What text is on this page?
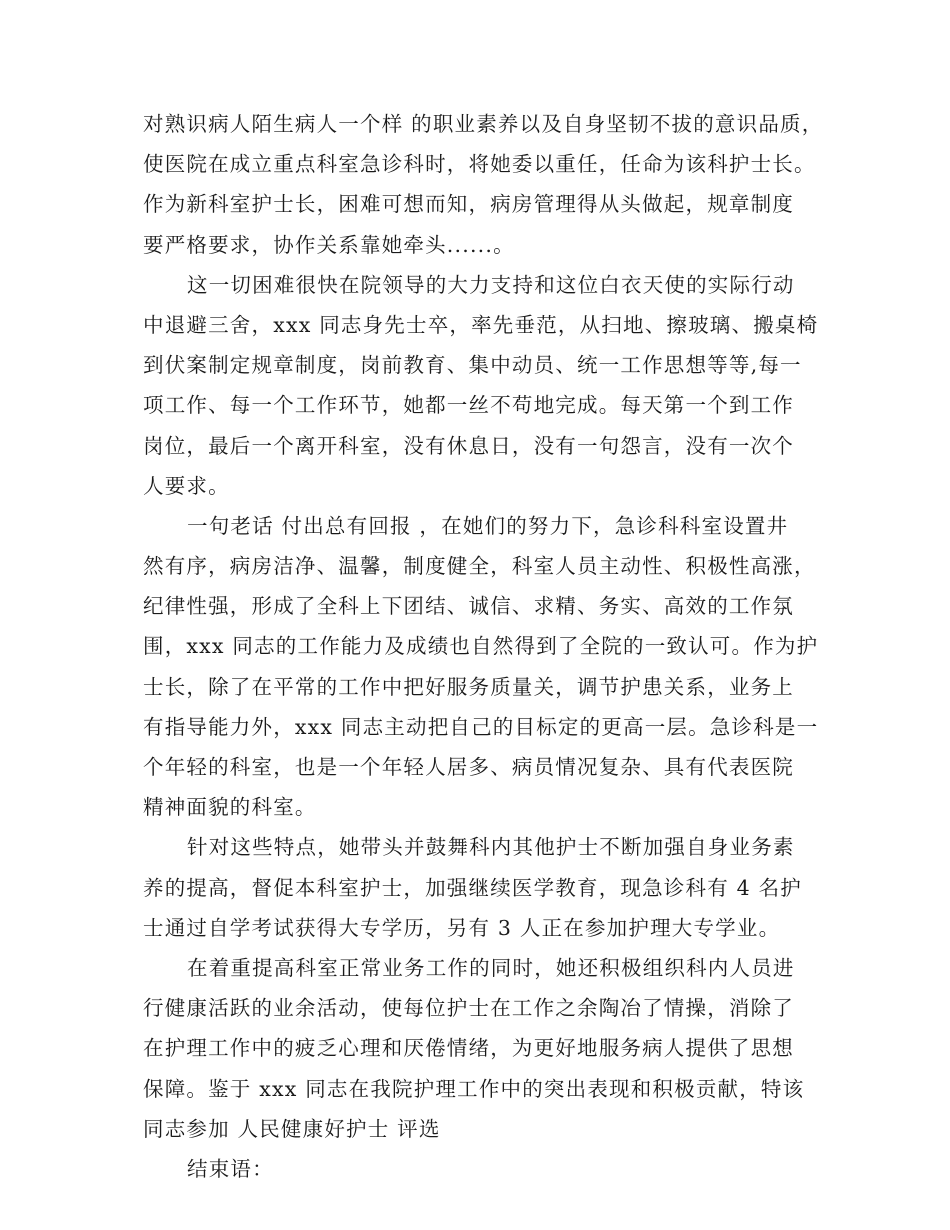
对熟识病人陌生病人一个样 的职业素养以及自身坚韧不拔的意识品质，
使医院在成立重点科室急诊科时，将她委以重任，任命为该科护士长。
作为新科室护士长，困难可想而知，病房管理得从头做起，规章制度
要严格要求，协作关系靠她牵头......。
这一切困难很快在院领导的大力支持和这位白衣天使的实际行动
中退避三舍，xxx 同志身先士卒，率先垂范，从扫地、擦玻璃、搬桌椅
到伏案制定规章制度，岗前教育、集中动员、统一工作思想等等,每一
项工作、每一个工作环节，她都一丝不苟地完成。每天第一个到工作
岗位，最后一个离开科室，没有休息日，没有一句怨言，没有一次个
人要求。
一句老话 付出总有回报 ，在她们的努力下，急诊科科室设置井
然有序，病房洁净、温馨，制度健全，科室人员主动性、积极性高涨，
纪律性强，形成了全科上下团结、诚信、求精、务实、高效的工作氛
围，xxx 同志的工作能力及成绩也自然得到了全院的一致认可。作为护
士长，除了在平常的工作中把好服务质量关，调节护患关系，业务上
有指导能力外，xxx 同志主动把自己的目标定的更高一层。急诊科是一
个年轻的科室，也是一个年轻人居多、病员情况复杂、具有代表医院
精神面貌的科室。
针对这些特点，她带头并鼓舞科内其他护士不断加强自身业务素
养的提高，督促本科室护士，加强继续医学教育，现急诊科有 4 名护
士通过自学考试获得大专学历，另有 3 人正在参加护理大专学业。
在着重提高科室正常业务工作的同时，她还积极组织科内人员进
行健康活跃的业余活动，使每位护士在工作之余陶冶了情操，消除了
在护理工作中的疲乏心理和厌倦情绪，为更好地服务病人提供了思想
保障。鉴于 xxx 同志在我院护理工作中的突出表现和积极贡献，特该
同志参加 人民健康好护士 评选
结束语：
